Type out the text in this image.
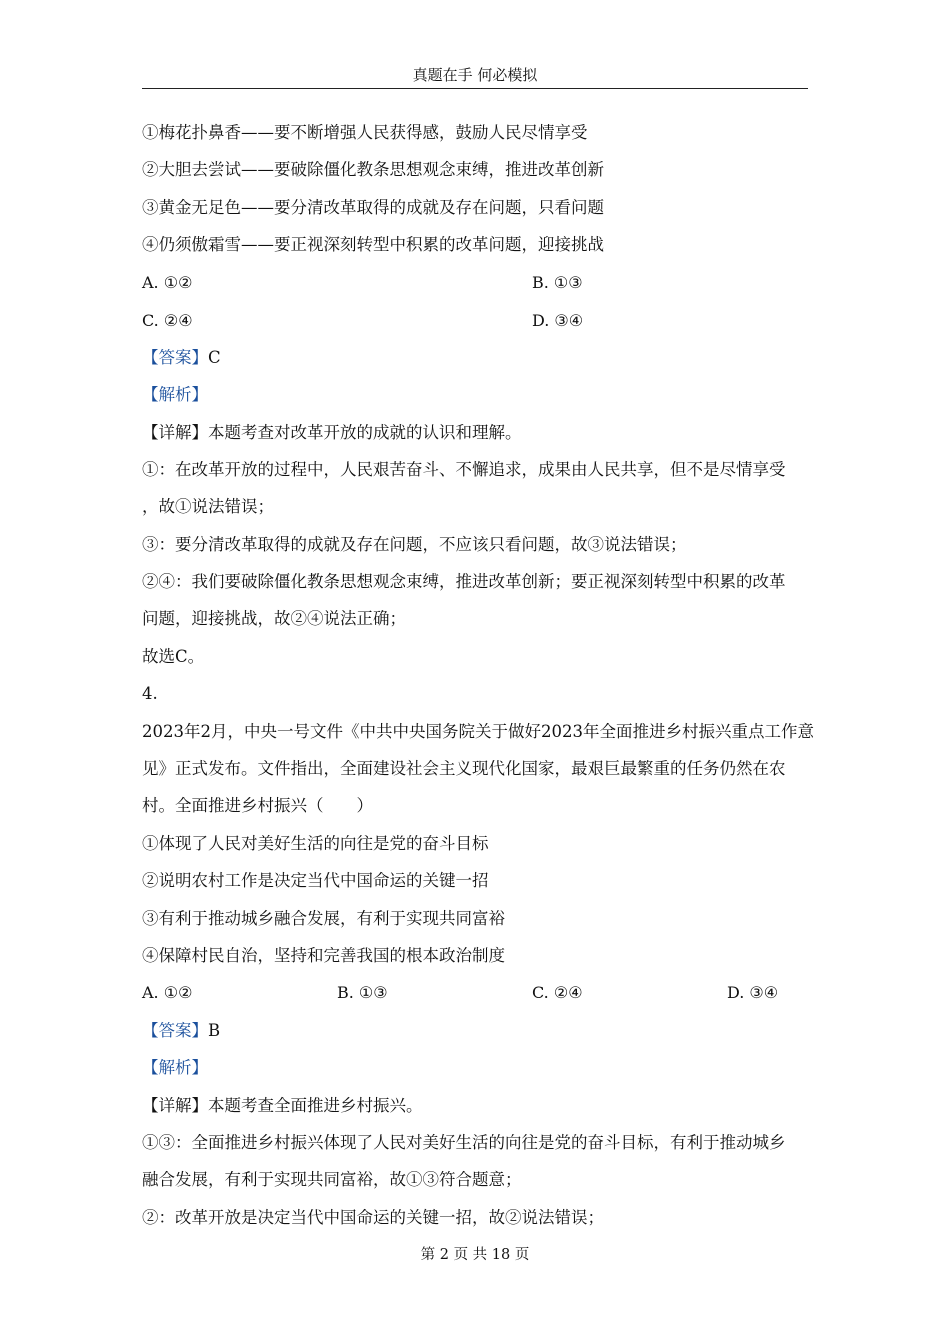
真题在手 何必模拟
①梅花扑鼻香——要不断增强人民获得感，鼓励人民尽情享受
②大胆去尝试——要破除僵化教条思想观念束缚，推进改革创新
③黄金无足色——要分清改革取得的成就及存在问题，只看问题
④仍须傲霜雪——要正视深刻转型中积累的改革问题，迎接挑战
A. ①②	B. ①③
C. ②④	D. ③④
【答案】C
【解析】
【详解】本题考查对改革开放的成就的认识和理解。
①：在改革开放的过程中，人民艰苦奋斗、不懈追求，成果由人民共享，但不是尽情享受
，故①说法错误；
③：要分清改革取得的成就及存在问题，不应该只看问题，故③说法错误；
②④：我们要破除僵化教条思想观念束缚，推进改革创新；要正视深刻转型中积累的改革
问题，迎接挑战，故②④说法正确；
故选C。
4.
2023年2月，中央一号文件《中共中央国务院关于做好2023年全面推进乡村振兴重点工作意
见》正式发布。文件指出，全面建设社会主义现代化国家，最艰巨最繁重的任务仍然在农
村。全面推进乡村振兴（　　）
①体现了人民对美好生活的向往是党的奋斗目标
②说明农村工作是决定当代中国命运的关键一招
③有利于推动城乡融合发展，有利于实现共同富裕
④保障村民自治，坚持和完善我国的根本政治制度
A. ①②	B. ①③	C. ②④	D. ③④
【答案】B
【解析】
【详解】本题考查全面推进乡村振兴。
①③：全面推进乡村振兴体现了人民对美好生活的向往是党的奋斗目标，有利于推动城乡
融合发展，有利于实现共同富裕，故①③符合题意；
②：改革开放是决定当代中国命运的关键一招，故②说法错误；
第 2 页 共 18 页
